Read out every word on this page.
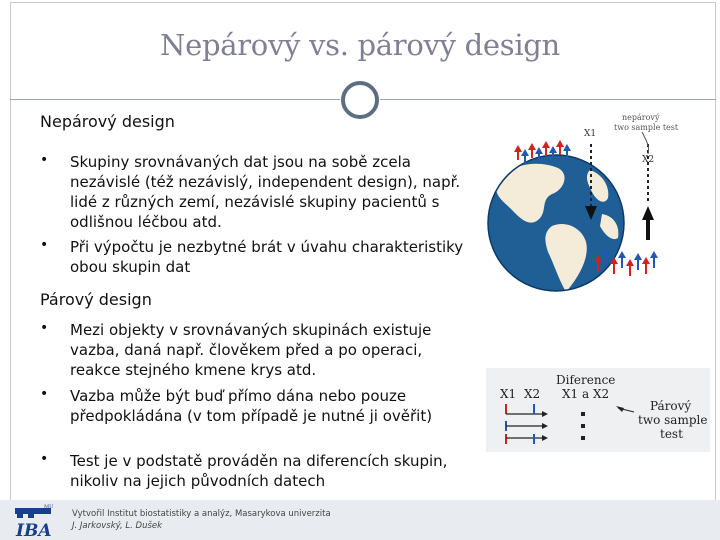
Nepárový vs. párový design
Nepárový design
• Skupiny srovnávaných dat jsou na sobě zcela nezávislé (též nezávislý, independent design), např. lidé z různých zemí, nezávislé skupiny pacientů s odlišnou léčbou atd.
• Při výpočtu je nezbytné brát v úvahu charakteristiky obou skupin dat
Párový design
• Mezi objekty v srovnávaných skupinách existuje vazba, daná např. člověkem před a po operaci, reakce stejného kmene krys atd.
• Vazba může být buď přímo dána nebo pouze předpokládána (v tom případě je nutné ji ověřit)
• Test je v podstatě prováděn na diferencích skupin, nikoliv na jejich původních datech
X1
X2
nepárový
two sample test
X1 X2
Diference
X1 a X2
Párový
two sample
test
IBA
MU
Vytvořil Institut biostatistiky a analýz, Masarykova univerzita
J. Jarkovský, L. Dušek
